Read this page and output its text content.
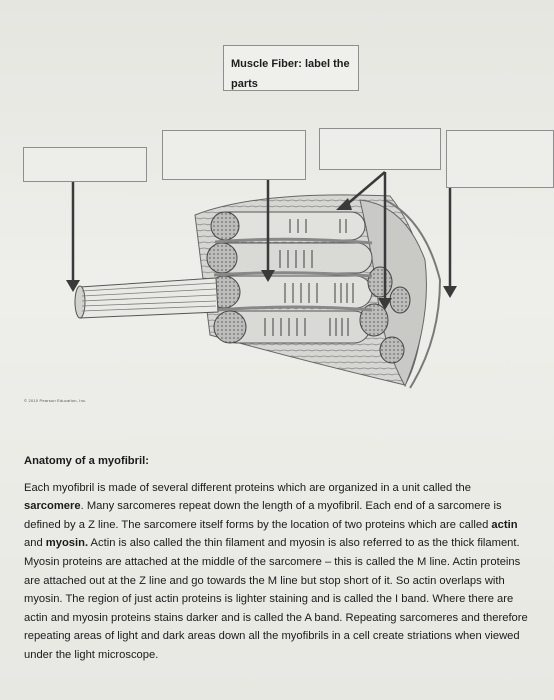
Muscle Fiber: label the
parts
© 2010 Pearson Education, Inc.

Anatomy of a myofibril:

Each myofibril is made of several different proteins which are organized in a unit called the sarcomere. Many sarcomeres repeat down the length of a myofibril. Each end of a sarcomere is defined by a Z line. The sarcomere itself forms by the location of two proteins which are called actin and myosin. Actin is also called the thin filament and myosin is also referred to as the thick filament. Myosin proteins are attached at the middle of the sarcomere – this is called the M line. Actin proteins are attached out at the Z line and go towards the M line but stop short of it. So actin overlaps with myosin. The region of just actin proteins is lighter staining and is called the I band. Where there are actin and myosin proteins stains darker and is called the A band. Repeating sarcomeres and therefore repeating areas of light and dark areas down all the myofibrils in a cell create striations when viewed under the light microscope.
